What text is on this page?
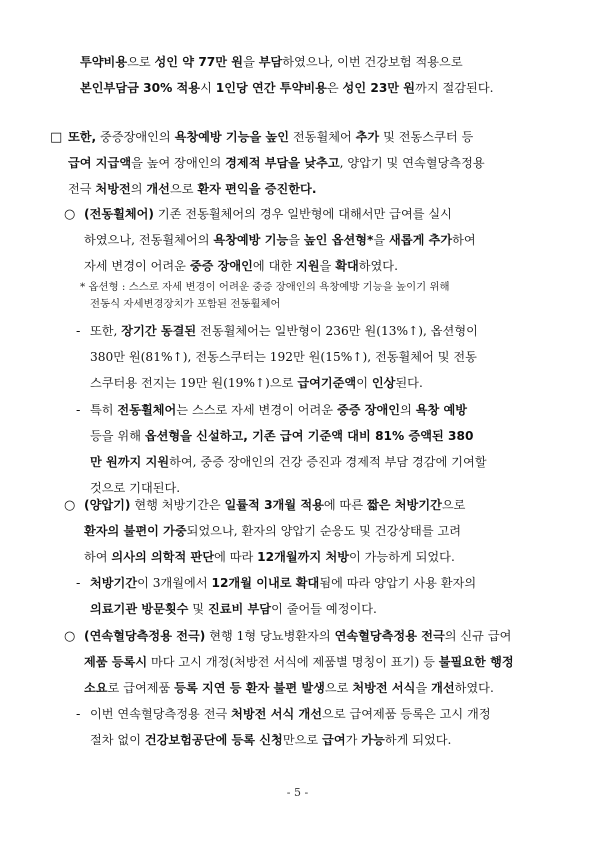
투약비용으로 성인 약 77만 원을 부담하였으나, 이번 건강보험 적용으로
본인부담금 30% 적용시 1인당 연간 투약비용은 성인 23만 원까지 절감된다.
□ 또한, 중증장애인의 욕창예방 기능을 높인 전동휠체어 추가 및 전동스쿠터 등
급여 지급액을 높여 장애인의 경제적 부담을 낮추고, 양압기 및 연속혈당측정용
전극 처방전의 개선으로 환자 편익을 증진한다.
○ (전동휠체어) 기존 전동휠체어의 경우 일반형에 대해서만 급여를 실시
하였으나, 전동휠체어의 욕창예방 기능을 높인 옵션형*을 새롭게 추가하여
자세 변경이 어려운 중증 장애인에 대한 지원을 확대하였다.
* 옵션형 : 스스로 자세 변경이 어려운 중증 장애인의 욕창예방 기능을 높이기 위해
전동식 자세변경장치가 포함된 전동휠체어
- 또한, 장기간 동결된 전동휠체어는 일반형이 236만 원(13%↑), 옵션형이
380만 원(81%↑), 전동스쿠터는 192만 원(15%↑), 전동휠체어 및 전동
스쿠터용 전지는 19만 원(19%↑)으로 급여기준액이 인상된다.
- 특히 전동휠체어는 스스로 자세 변경이 어려운 중증 장애인의 욕창 예방
등을 위해 옵션형을 신설하고, 기존 급여 기준액 대비 81% 증액된 380
만 원까지 지원하여, 중증 장애인의 건강 증진과 경제적 부담 경감에 기여할
것으로 기대된다.
○ (양압기) 현행 처방기간은 일률적 3개월 적용에 따른 짧은 처방기간으로
환자의 불편이 가중되었으나, 환자의 양압기 순응도 및 건강상태를 고려
하여 의사의 의학적 판단에 따라 12개월까지 처방이 가능하게 되었다.
- 처방기간이 3개월에서 12개월 이내로 확대됨에 따라 양압기 사용 환자의
의료기관 방문횟수 및 진료비 부담이 줄어들 예정이다.
○ (연속혈당측정용 전극) 현행 1형 당뇨병환자의 연속혈당측정용 전극의 신규 급여
제품 등록시 마다 고시 개정(처방전 서식에 제품별 명칭이 표기) 등 불필요한 행정
소요로 급여제품 등록 지연 등 환자 불편 발생으로 처방전 서식을 개선하였다.
- 이번 연속혈당측정용 전극 처방전 서식 개선으로 급여제품 등록은 고시 개정
절차 없이 건강보험공단에 등록 신청만으로 급여가 가능하게 되었다.
- 5 -
